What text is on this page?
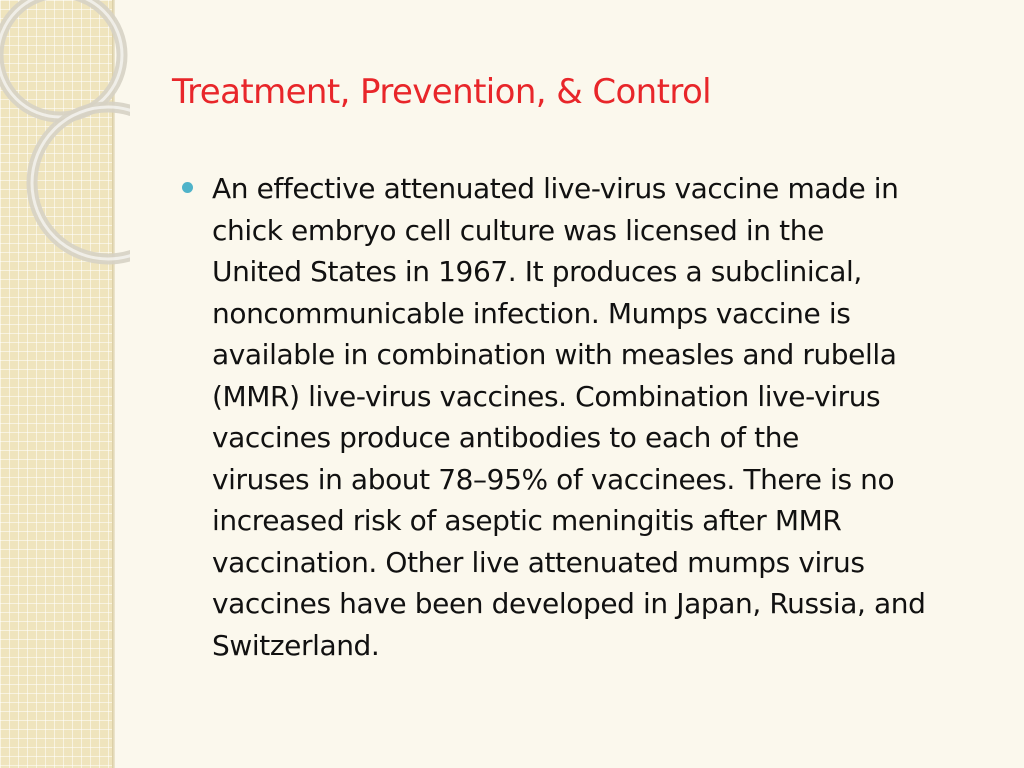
Treatment, Prevention, & Control
An effective attenuated live-virus vaccine made in
chick embryo cell culture was licensed in the
United States in 1967. It produces a subclinical,
noncommunicable infection. Mumps vaccine is
available in combination with measles and rubella
(MMR) live-virus vaccines. Combination live-virus
vaccines produce antibodies to each of the
viruses in about 78–95% of vaccinees. There is no
increased risk of aseptic meningitis after MMR
vaccination. Other live attenuated mumps virus
vaccines have been developed in Japan, Russia, and
Switzerland.
